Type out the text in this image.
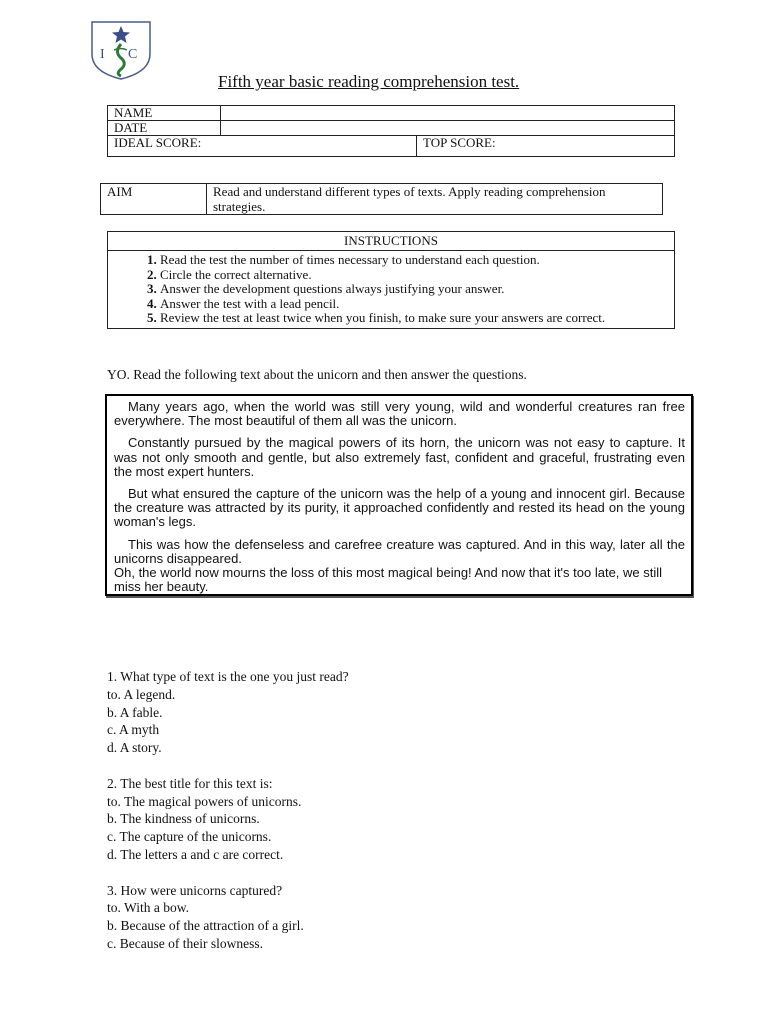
I C
Fifth year basic reading comprehension test.
NAME		
DATE		
IDEAL SCORE:		TOP SCORE:
AIM	Read and understand different types of texts. Apply reading comprehension strategies.
INSTRUCTIONS

1. Read the test the number of times necessary to understand each question.
2. Circle the correct alternative.
3. Answer the development questions always justifying your answer.
4. Answer the test with a lead pencil.
5. Review the test at least twice when you finish, to make sure your answers are correct.
YO. Read the following text about the unicorn and then answer the questions.

Many years ago, when the world was still very young, wild and wonderful creatures ran free everywhere. The most beautiful of them all was the unicorn.

Constantly pursued by the magical powers of its horn, the unicorn was not easy to capture. It was not only smooth and gentle, but also extremely fast, confident and graceful, frustrating even the most expert hunters.

But what ensured the capture of the unicorn was the help of a young and innocent girl. Because the creature was attracted by its purity, it approached confidently and rested its head on the young woman's legs.

This was how the defenseless and carefree creature was captured. And in this way, later all the unicorns disappeared.

Oh, the world now mourns the loss of this most magical being! And now that it's too late, we still miss her beauty.

1. What type of text is the one you just read?
to. A legend.
b. A fable.
c. A myth
d. A story.
2. The best title for this text is:
to. The magical powers of unicorns.
b. The kindness of unicorns.
c. The capture of the unicorns.
d. The letters a and c are correct.
3. How were unicorns captured?
to. With a bow.
b. Because of the attraction of a girl.
c. Because of their slowness.
